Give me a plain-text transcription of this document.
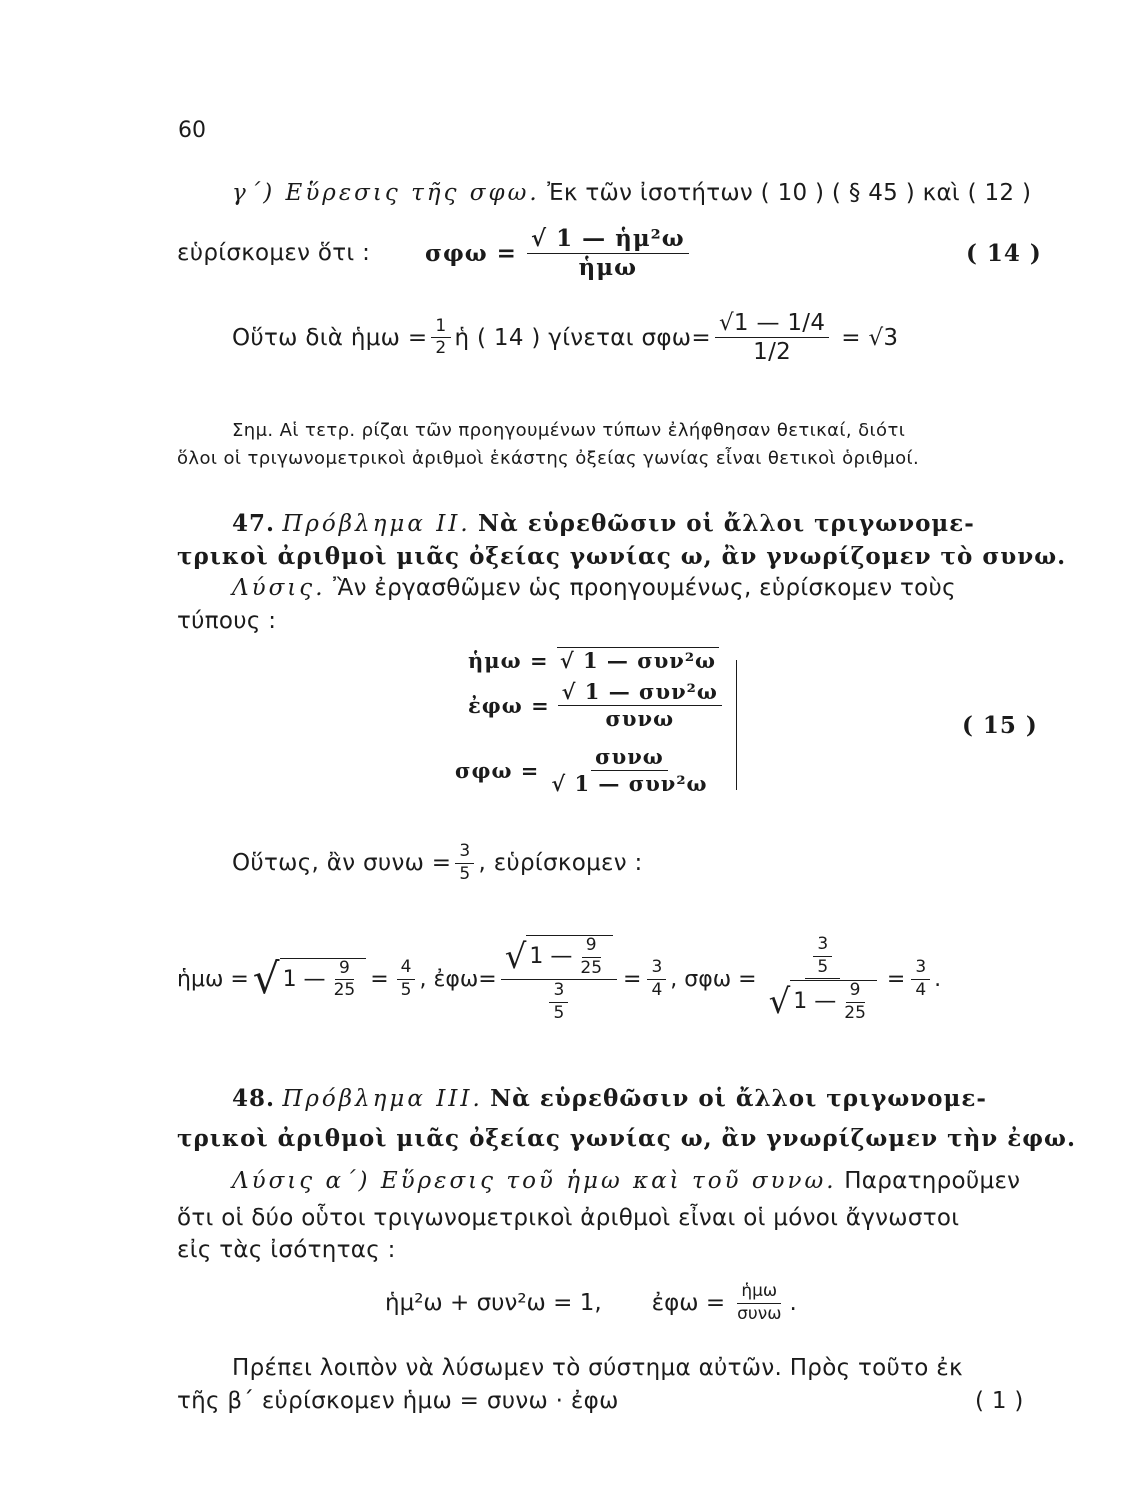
60
γ΄) Εὕρεσις τῆς σφω. Ἐκ τῶν ἰσοτήτων ( 10 ) ( § 45 ) καὶ ( 12 )
εὑρίσκομεν ὅτι : $\sigma\varphi\omega = \frac{\text{√ 1 — ἡμ²ω}}{\text{ἡμω}}$	( 14 )
Οὕτω διὰ ἡμω = $\frac{1}{2}$ ἡ ( 14 ) γίνεται $\sigma\varphi\omega= \frac{√1 — 1/4}{1/2} = √3$
Σημ. Αἱ τετρ. ρίζαι τῶν προηγουμένων τύπων ἐλήφθησαν θετικαί, διότι
ὅλοι οἱ τριγωνομετρικοὶ ἀριθμοὶ ἑκάστης ὀξείας γωνίας εἶναι θετικοὶ ὁριθμοί.
47. Πρόβλημα ΙΙ. Νὰ εὑρεθῶσιν οἱ ἄλλοι τριγωνομε-
τρικοὶ ἀριθμοὶ μιᾶς ὀξείας γωνίας ω, ἂν γνωρίζομεν τὸ συνω.
Λύσις. Ἂν ἐργασθῶμεν ὡς προηγουμένως, εὑρίσκομεν τοὺς
τύπους :
ἡμω = √ 1 — συν²ω
ἐφω = $\frac{\text{√ 1 — συν²ω}}{\text{συνω}}$
$\sigma\varphi\omega = \frac{\text{συνω}}{\text{√ 1 — συν²ω}}$
( 15 )
Οὕτως, ἂν $\sigma\upsilon\nu\omega = \frac{3}{5}$ , εὑρίσκομεν :
ἡμω = √ 1 — $\frac{9}{25} = \frac{4}{5}$ , ἐφω= $\frac{√ 1 — \frac{9}{25}}{\frac{3}{5}} = \frac{3}{4}$ , $\sigma\varphi\omega = \frac{\frac{3}{5}}{√ 1 — \frac{9}{25}} = \frac{3}{4}$ .
48. Πρόβλημα ΙΙΙ. Νὰ εὑρεθῶσιν οἱ ἄλλοι τριγωνομε-
τρικοὶ ἀριθμοὶ μιᾶς ὀξείας γωνίας ω, ἂν γνωρίζωμεν τὴν ἐφω.
Λύσις α΄) Εὕρεσις τοῦ ἡμω καὶ τοῦ συνω. Παρατηροῦμεν
ὅτι οἱ δύο οὗτοι τριγωνομετρικοὶ ἀριθμοὶ εἶναι οἱ μόνοι ἄγνωστοι
εἰς τὰς ἰσότητας :
ἡμ²ω + συν²ω = 1, ἐφω = $\frac{\text{ἡμω}}{\text{συνω}}$ .
Πρέπει λοιπὸν νὰ λύσωμεν τὸ σύστημα αὐτῶν. Πρὸς τοῦτο ἐκ
τῆς β΄ εὑρίσκομεν ἡμω = συνω · ἐφω	( 1 )
